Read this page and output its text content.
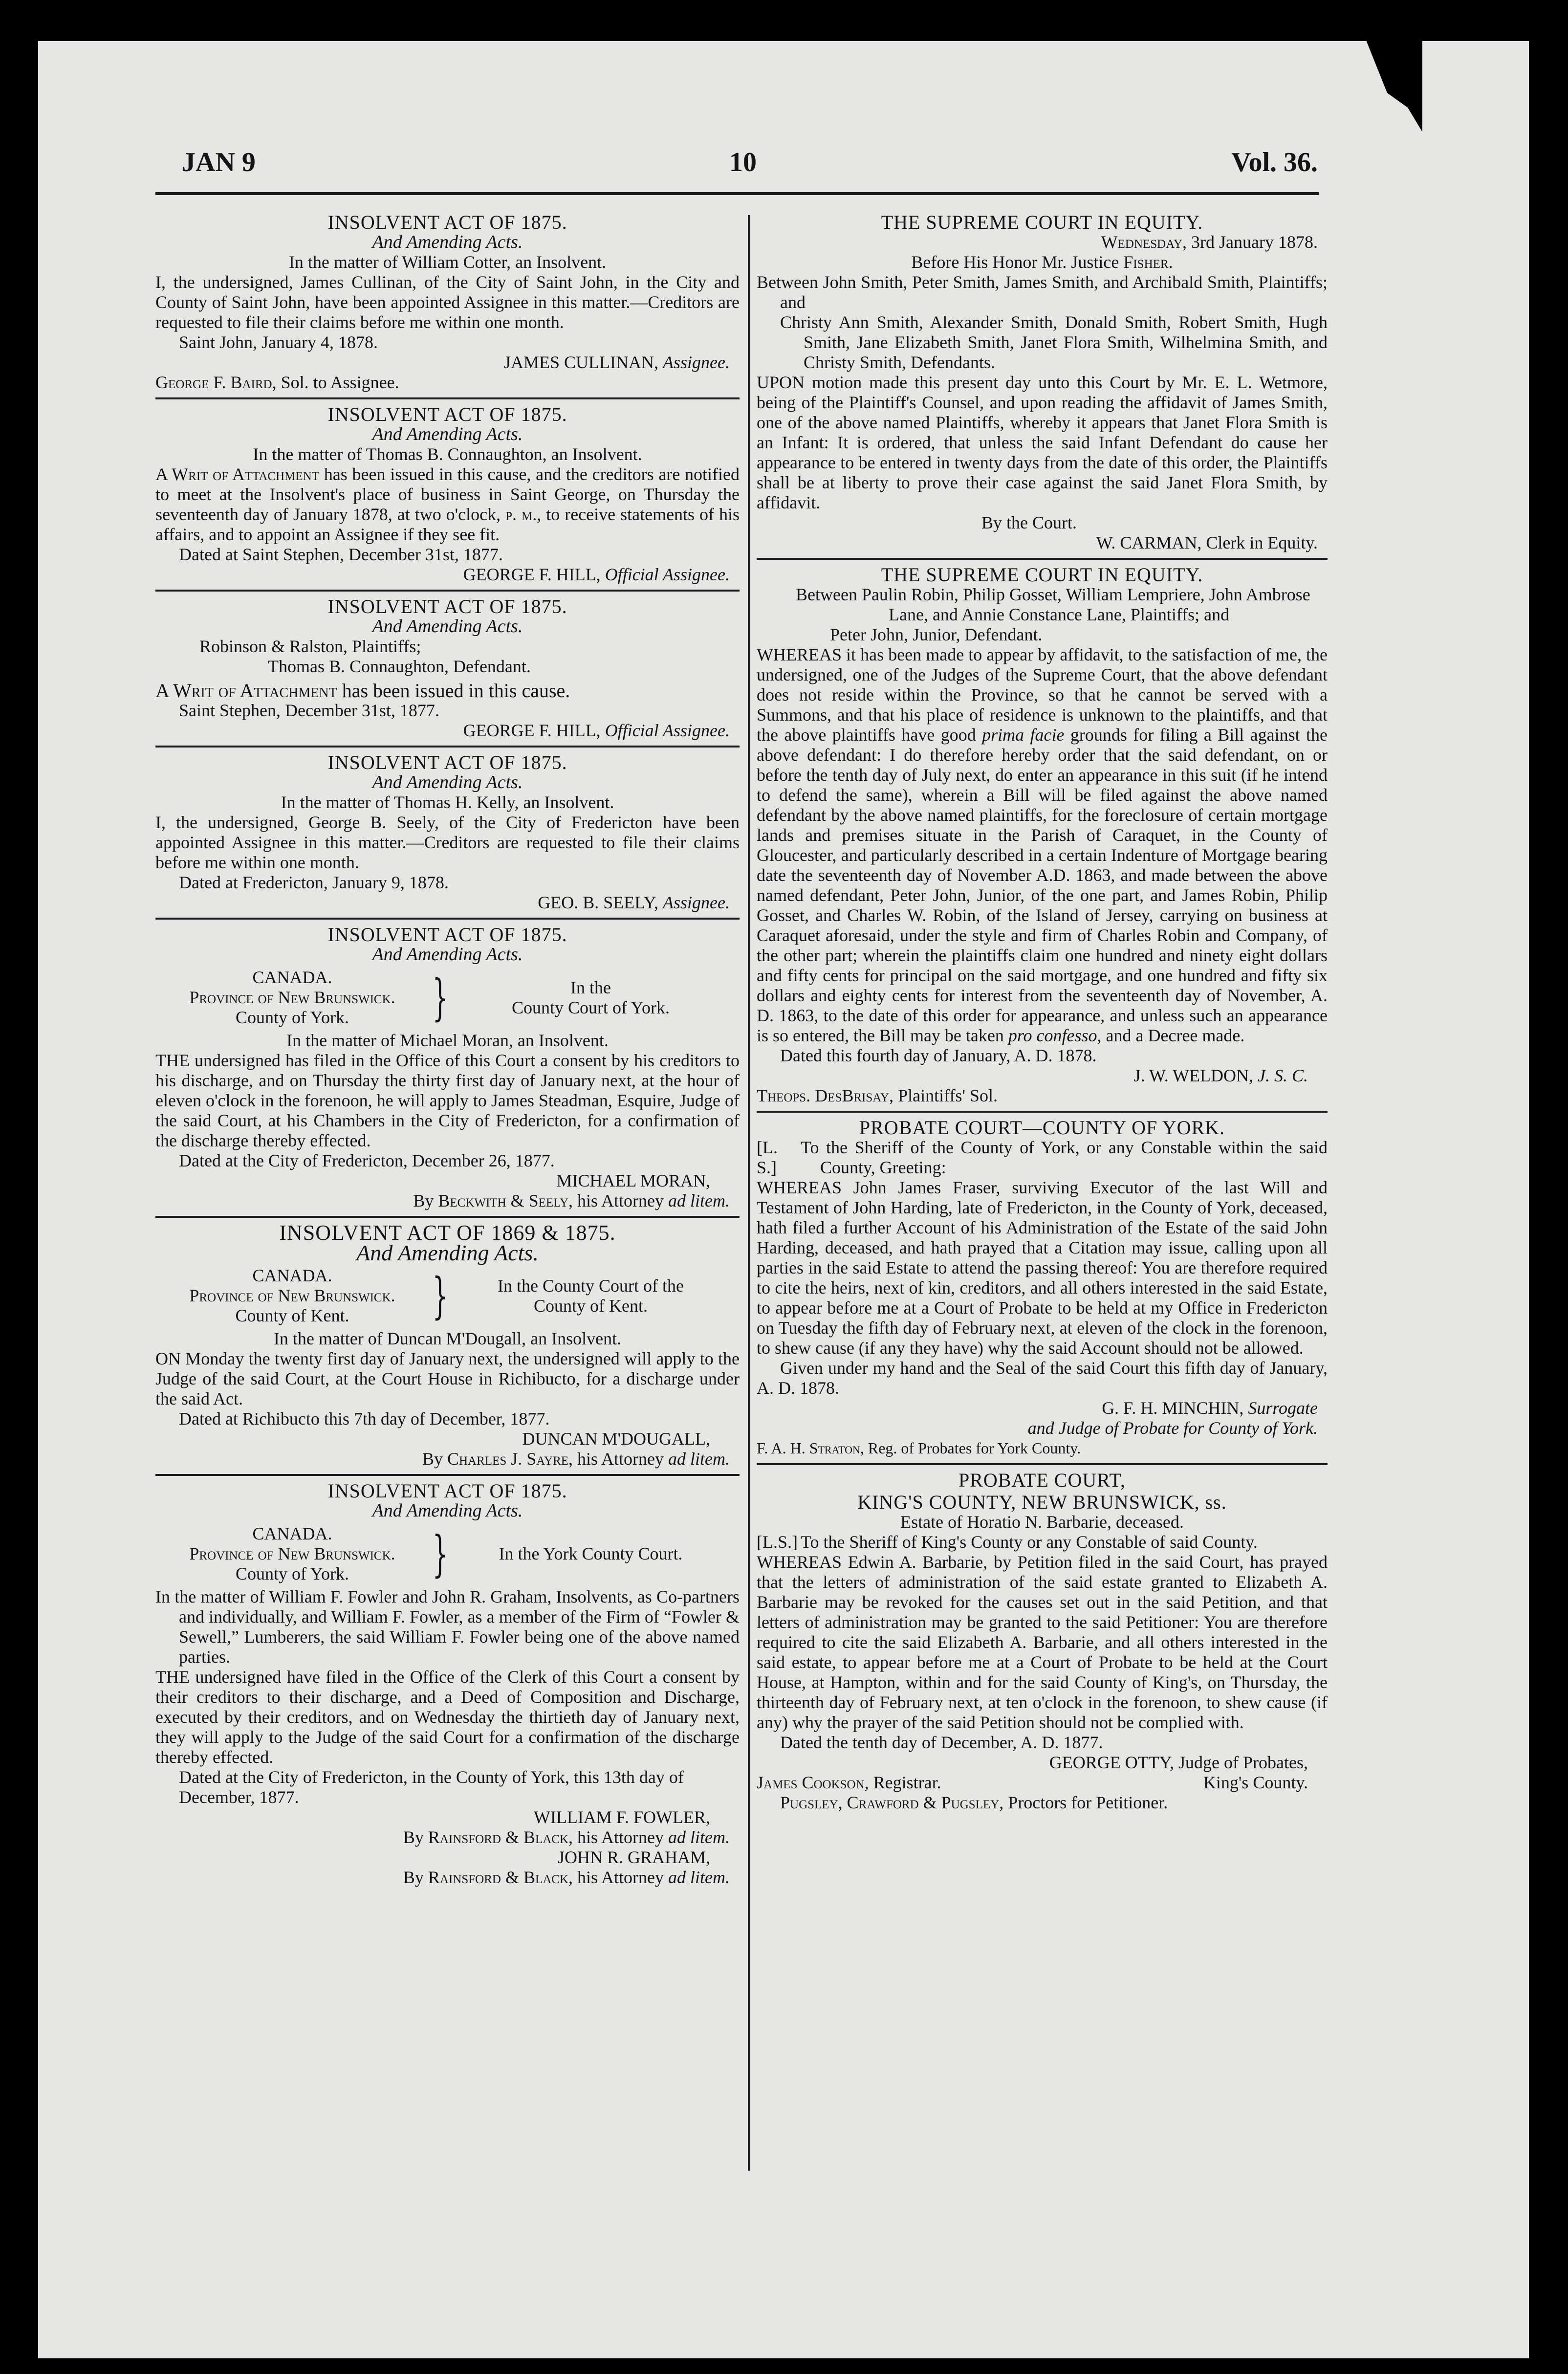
JAN 9	10	Vol. 36.
INSOLVENT ACT OF 1875.
And Amending Acts.
In the matter of William Cotter, an Insolvent.
I, the undersigned, James Cullinan, of the City of Saint John, in the City and County of Saint John, have been appointed Assignee in this matter.—Creditors are requested to file their claims before me within one month.
Saint John, January 4, 1878.
JAMES CULLINAN, Assignee.
George F. Baird, Sol. to Assignee.
INSOLVENT ACT OF 1875.
And Amending Acts.
In the matter of Thomas B. Connaughton, an Insolvent.
A Writ of Attachment has been issued in this cause, and the creditors are notified to meet at the Insolvent's place of business in Saint George, on Thursday the seventeenth day of January 1878, at two o'clock, p. m., to receive statements of his affairs, and to appoint an Assignee if they see fit.
Dated at Saint Stephen, December 31st, 1877.
GEORGE F. HILL, Official Assignee.
INSOLVENT ACT OF 1875.
And Amending Acts.
Robinson & Ralston, Plaintiffs;
Thomas B. Connaughton, Defendant.
A Writ of Attachment has been issued in this cause.
Saint Stephen, December 31st, 1877.
GEORGE F. HILL, Official Assignee.
INSOLVENT ACT OF 1875.
And Amending Acts.
In the matter of Thomas H. Kelly, an Insolvent.
I, the undersigned, George B. Seely, of the City of Fredericton have been appointed Assignee in this matter.—Creditors are requested to file their claims before me within one month.
Dated at Fredericton, January 9, 1878.
GEO. B. SEELY, Assignee.
INSOLVENT ACT OF 1875.
And Amending Acts.
CANADA.
Province of New Brunswick.
County of York.	}	In the
County Court of York.
In the matter of Michael Moran, an Insolvent.
THE undersigned has filed in the Office of this Court a consent by his creditors to his discharge, and on Thursday the thirty first day of January next, at the hour of eleven o'clock in the forenoon, he will apply to James Steadman, Esquire, Judge of the said Court, at his Chambers in the City of Fredericton, for a confirmation of the discharge thereby effected.
Dated at the City of Fredericton, December 26, 1877.
MICHAEL MORAN,
By Beckwith & Seely, his Attorney ad litem.
INSOLVENT ACT OF 1869 & 1875.
And Amending Acts.
CANADA.
Province of New Brunswick.
County of Kent.	}	In the County Court of the
County of Kent.
In the matter of Duncan M'Dougall, an Insolvent.
ON Monday the twenty first day of January next, the undersigned will apply to the Judge of the said Court, at the Court House in Richibucto, for a discharge under the said Act.
Dated at Richibucto this 7th day of December, 1877.
DUNCAN M'DOUGALL,
By Charles J. Sayre, his Attorney ad litem.
INSOLVENT ACT OF 1875.
And Amending Acts.
CANADA.
Province of New Brunswick.
County of York.	}	In the York County Court.
In the matter of William F. Fowler and John R. Graham, Insolvents, as Co-partners and individually, and William F. Fowler, as a member of the Firm of “Fowler & Sewell,” Lumberers, the said William F. Fowler being one of the above named parties.
THE undersigned have filed in the Office of the Clerk of this Court a consent by their creditors to their discharge, and a Deed of Composition and Discharge, executed by their creditors, and on Wednesday the thirtieth day of January next, they will apply to the Judge of the said Court for a confirmation of the discharge thereby effected.
Dated at the City of Fredericton, in the County of York, this 13th day of December, 1877.
WILLIAM F. FOWLER,
By Rainsford & Black, his Attorney ad litem.
JOHN R. GRAHAM,
By Rainsford & Black, his Attorney ad litem.
THE SUPREME COURT IN EQUITY.
Wednesday, 3rd January 1878.
Before His Honor Mr. Justice Fisher.
Between John Smith, Peter Smith, James Smith, and Archibald Smith, Plaintiffs; and
Christy Ann Smith, Alexander Smith, Donald Smith, Robert Smith, Hugh Smith, Jane Elizabeth Smith, Janet Flora Smith, Wilhelmina Smith, and Christy Smith, Defendants.
UPON motion made this present day unto this Court by Mr. E. L. Wetmore, being of the Plaintiff's Counsel, and upon reading the affidavit of James Smith, one of the above named Plaintiffs, whereby it appears that Janet Flora Smith is an Infant: It is ordered, that unless the said Infant Defendant do cause her appearance to be entered in twenty days from the date of this order, the Plaintiffs shall be at liberty to prove their case against the said Janet Flora Smith, by affidavit.
By the Court.
W. CARMAN, Clerk in Equity.
THE SUPREME COURT IN EQUITY.
Between Paulin Robin, Philip Gosset, William Lempriere, John Ambrose Lane, and Annie Constance Lane, Plaintiffs; and
Peter John, Junior, Defendant.
WHEREAS it has been made to appear by affidavit, to the satisfaction of me, the undersigned, one of the Judges of the Supreme Court, that the above defendant does not reside within the Province, so that he cannot be served with a Summons, and that his place of residence is unknown to the plaintiffs, and that the above plaintiffs have good prima facie grounds for filing a Bill against the above defendant: I do therefore hereby order that the said defendant, on or before the tenth day of July next, do enter an appearance in this suit (if he intend to defend the same), wherein a Bill will be filed against the above named defendant by the above named plaintiffs, for the foreclosure of certain mortgage lands and premises situate in the Parish of Caraquet, in the County of Gloucester, and particularly described in a certain Indenture of Mortgage bearing date the seventeenth day of November A.D. 1863, and made between the above named defendant, Peter John, Junior, of the one part, and James Robin, Philip Gosset, and Charles W. Robin, of the Island of Jersey, carrying on business at Caraquet aforesaid, under the style and firm of Charles Robin and Company, of the other part; wherein the plaintiffs claim one hundred and ninety eight dollars and fifty cents for principal on the said mortgage, and one hundred and fifty six dollars and eighty cents for interest from the seventeenth day of November, A. D. 1863, to the date of this order for appearance, and unless such an appearance is so entered, the Bill may be taken pro confesso, and a Decree made.
Dated this fourth day of January, A. D. 1878.
J. W. WELDON, J. S. C.
Theops. DesBrisay, Plaintiffs' Sol.
PROBATE COURT—COUNTY OF YORK.
[L. S.]
To the Sheriff of the County of York, or any Constable within the said County, Greeting:
WHEREAS John James Fraser, surviving Executor of the last Will and Testament of John Harding, late of Fredericton, in the County of York, deceased, hath filed a further Account of his Administration of the Estate of the said John Harding, deceased, and hath prayed that a Citation may issue, calling upon all parties in the said Estate to attend the passing thereof: You are therefore required to cite the heirs, next of kin, creditors, and all others interested in the said Estate, to appear before me at a Court of Probate to be held at my Office in Fredericton on Tuesday the fifth day of February next, at eleven of the clock in the forenoon, to shew cause (if any they have) why the said Account should not be allowed.
Given under my hand and the Seal of the said Court this fifth day of January, A. D. 1878.
G. F. H. MINCHIN, Surrogate
and Judge of Probate for County of York.
F. A. H. Straton, Reg. of Probates for York County.
PROBATE COURT,
KING'S COUNTY, NEW BRUNSWICK, ss.
Estate of Horatio N. Barbarie, deceased.
[L.S.] To the Sheriff of King's County or any Constable of said County.
WHEREAS Edwin A. Barbarie, by Petition filed in the said Court, has prayed that the letters of administration of the said estate granted to Elizabeth A. Barbarie may be revoked for the causes set out in the said Petition, and that letters of administration may be granted to the said Petitioner: You are therefore required to cite the said Elizabeth A. Barbarie, and all others interested in the said estate, to appear before me at a Court of Probate to be held at the Court House, at Hampton, within and for the said County of King's, on Thursday, the thirteenth day of February next, at ten o'clock in the forenoon, to shew cause (if any) why the prayer of the said Petition should not be complied with.
Dated the tenth day of December, A. D. 1877.
GEORGE OTTY, Judge of Probates,
James Cookson, Registrar.	King's County.
Pugsley, Crawford & Pugsley, Proctors for Petitioner.
